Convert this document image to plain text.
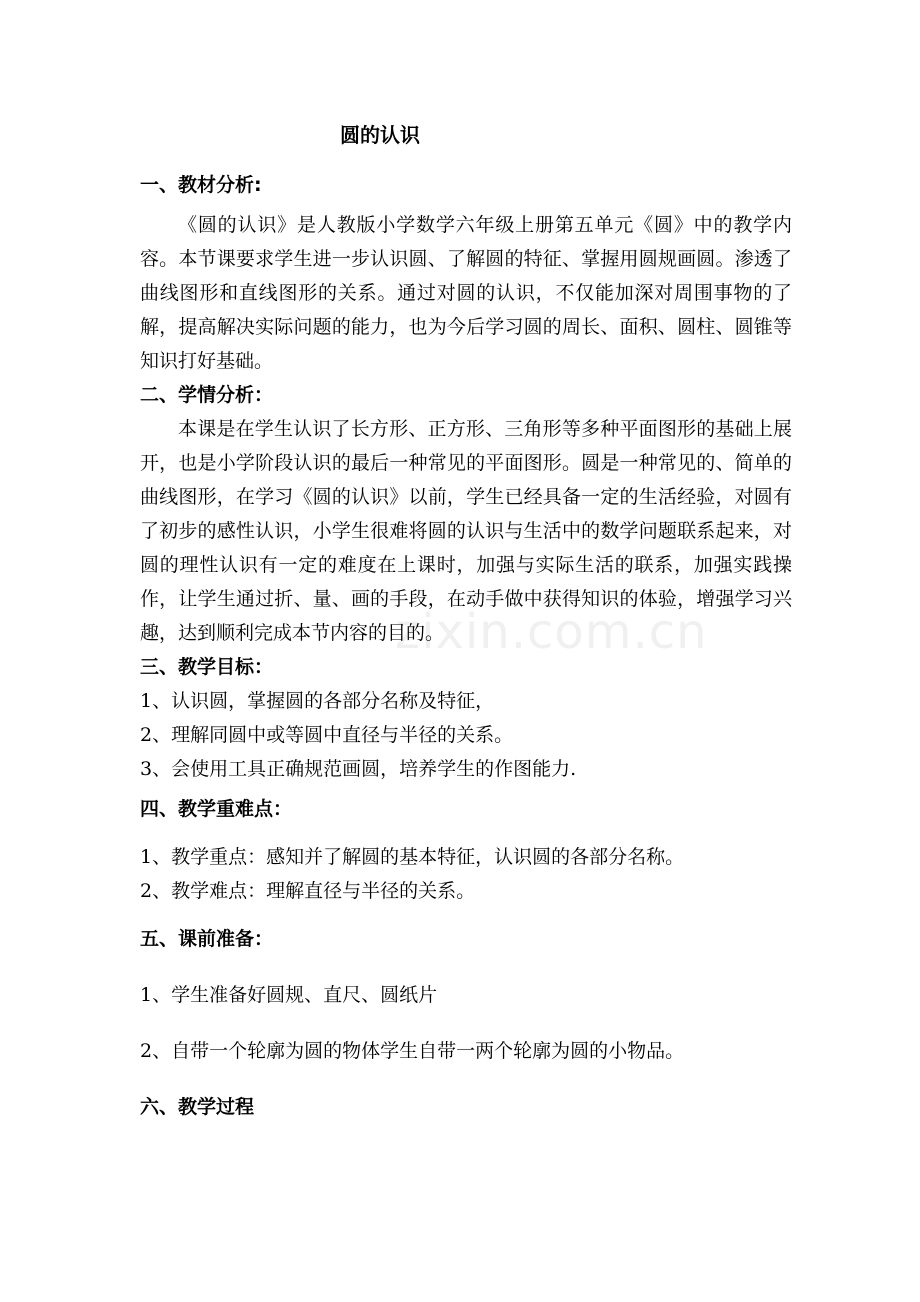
zixin.com.cn

圆的认识

一、教材分析:

《圆的认识》是人教版小学数学六年级上册第五单元《圆》中的教学内容。本节课要求学生进一步认识圆、了解圆的特征、掌握用圆规画圆。渗透了曲线图形和直线图形的关系。通过对圆的认识，不仅能加深对周围事物的了解，提高解决实际问题的能力，也为今后学习圆的周长、面积、圆柱、圆锥等知识打好基础。

二、学情分析：

本课是在学生认识了长方形、正方形、三角形等多种平面图形的基础上展开，也是小学阶段认识的最后一种常见的平面图形。圆是一种常见的、简单的曲线图形，在学习《圆的认识》以前，学生已经具备一定的生活经验，对圆有了初步的感性认识，小学生很难将圆的认识与生活中的数学问题联系起来，对圆的理性认识有一定的难度在上课时，加强与实际生活的联系，加强实践操作，让学生通过折、量、画的手段，在动手做中获得知识的体验，增强学习兴趣，达到顺利完成本节内容的目的。

三、教学目标：

1、认识圆，掌握圆的各部分名称及特征，

2、理解同圆中或等圆中直径与半径的关系。

3、会使用工具正确规范画圆，培养学生的作图能力.

四、教学重难点：

1、教学重点：感知并了解圆的基本特征，认识圆的各部分名称。

2、教学难点：理解直径与半径的关系。

五、课前准备：

1、学生准备好圆规、直尺、圆纸片

2、自带一个轮廓为圆的物体学生自带一两个轮廓为圆的小物品。

六、教学过程
